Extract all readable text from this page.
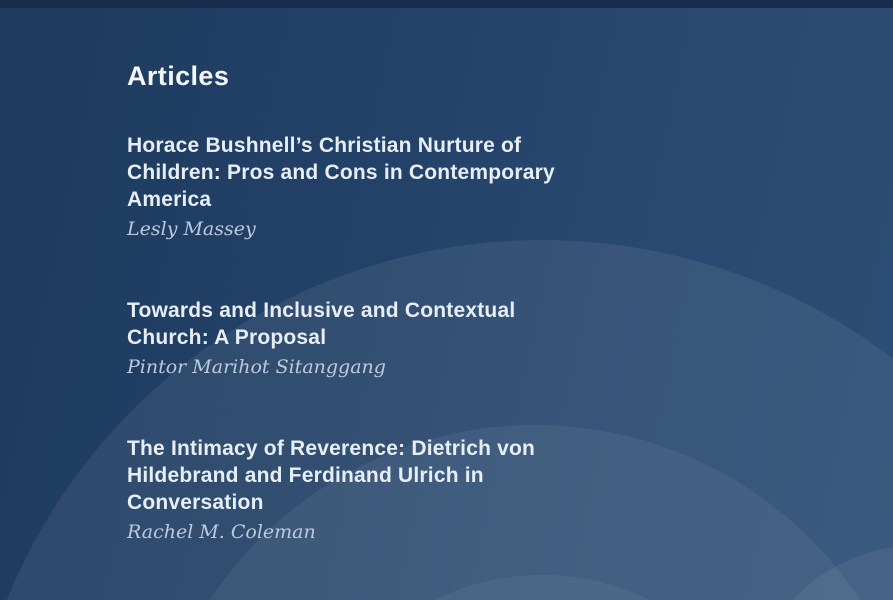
Articles
Horace Bushnell’s Christian Nurture of
Children: Pros and Cons in Contemporary
America

Lesly Massey

Towards and Inclusive and Contextual
Church: A Proposal

Pintor Marihot Sitanggang

The Intimacy of Reverence: Dietrich von
Hildebrand and Ferdinand Ulrich in
Conversation

Rachel M. Coleman
